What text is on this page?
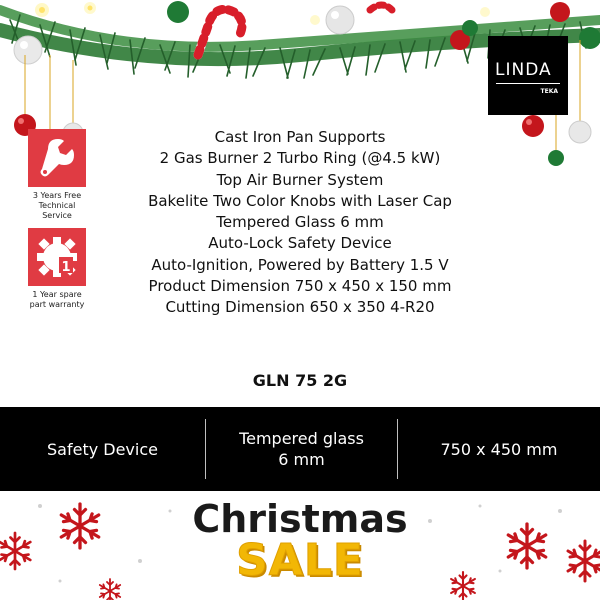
LINDA
TEKA
3 Years Free
Technical Service
1
1 Year spare
part warranty
Cast Iron Pan Supports
2 Gas Burner 2 Turbo Ring (@4.5 kW)
Top Air Burner System
Bakelite Two Color Knobs with Laser Cap
Tempered Glass 6 mm
Auto-Lock Safety Device
Auto-Ignition, Powered by Battery 1.5 V
Product Dimension 750 x 450 x 150 mm
Cutting Dimension 650 x 350 4-R20
GLN 75 2G
Safety Device
Tempered glass
6 mm
750 x 450 mm
Christmas
SALE
